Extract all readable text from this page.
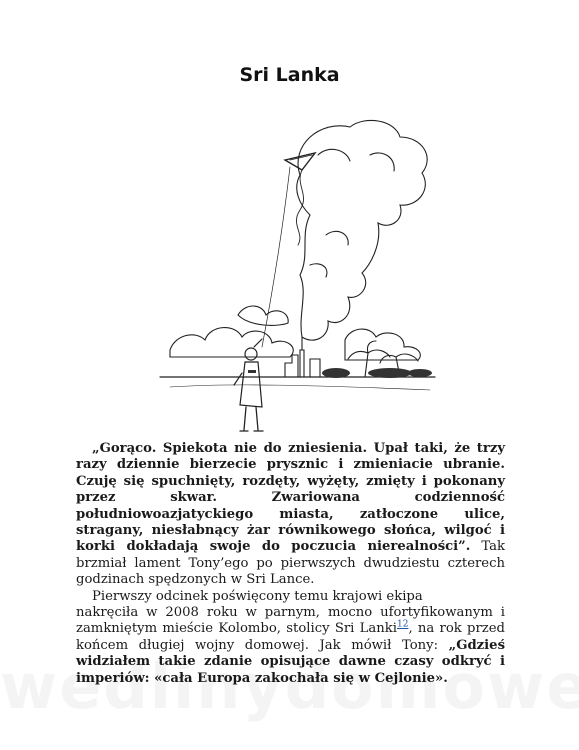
Sri Lanka

„Gorąco. Spiekota nie do zniesienia. Upał taki, że trzy razy dziennie bierzecie prysznic i zmieniacie ubranie. Czuję się spuchnięty, rozdęty, wyżęty, zmięty i pokonany przez skwar. Zwariowana codzienność południowoazjatyckiego miasta, zatłoczone ulice, stragany, niesłabnący żar równikowego słońca, wilgoć i korki dokładają swoje do poczucia nierealności”. Tak brzmiał lament Tony’ego po pierwszych dwudziestu czterech godzinach spędzonych w Sri Lance.

Pierwszy odcinek poświęcony temu krajowi ekipa

nakręciła w 2008 roku w parnym, mocno ufortyfikowanym i zamkniętym mieście Kolombo, stolicy Sri Lanki$^{12}$, na rok przed końcem długiej wojny domowej. Jak mówił Tony: „Gdzieś widziałem takie zdanie opisujące dawne czasy odkryć i imperiów: «cała Europa zakochała się w Cejlonie».
